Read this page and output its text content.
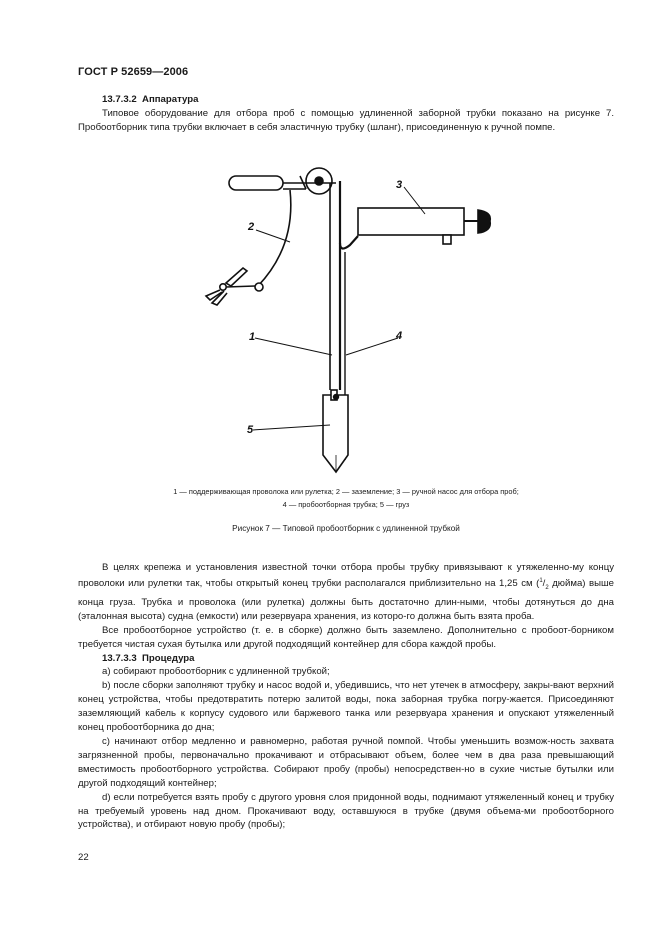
ГОСТ Р 52659—2006

13.7.3.2 Аппаратура

Типовое оборудование для отбора проб с помощью удлиненной заборной трубки показано на рисунке 7. Пробоотборник типа трубки включает в себя эластичную трубку (шланг), присоединенную к ручной помпе.

2
3
1	4
5
1 — поддерживающая проволока или рулетка; 2 — заземление; 3 — ручной насос для отбора проб;
4 — пробоотборная трубка; 5 — груз
Рисунок 7 — Типовой пробоотборник с удлиненной трубкой

В целях крепежа и установления известной точки отбора пробы трубку привязывают к утяжеленно-му концу проволоки или рулетки так, чтобы открытый конец трубки располагался приблизительно на 1,25 см ($^1/_2$ дюйма) выше конца груза. Трубка и проволока (или рулетка) должны быть достаточно длин-ными, чтобы дотянуться до дна (эталонная высота) судна (емкости) или резервуара хранения, из которо-го должна быть взята проба.

Все пробоотборное устройство (т. е. в сборке) должно быть заземлено. Дополнительно с пробоот-борником требуется чистая сухая бутылка или другой подходящий контейнер для сбора каждой пробы.

13.7.3.3 Процедура

а) собирают пробоотборник с удлиненной трубкой;

b) после сборки заполняют трубку и насос водой и, убедившись, что нет утечек в атмосферу, закры-вают верхний конец устройства, чтобы предотвратить потерю залитой воды, пока заборная трубка погру-жается. Присоединяют заземляющий кабель к корпусу судового или баржевого танка или резервуара хранения и опускают утяжеленный конец пробоотборника до дна;

с) начинают отбор медленно и равномерно, работая ручной помпой. Чтобы уменьшить возмож-ность захвата загрязненной пробы, первоначально прокачивают и отбрасывают объем, более чем в два раза превышающий вместимость пробоотборного устройства. Собирают пробу (пробы) непосредствен-но в сухие чистые бутылки или другой подходящий контейнер;

d) если потребуется взять пробу с другого уровня слоя придонной воды, поднимают утяжеленный конец и трубку на требуемый уровень над дном. Прокачивают воду, оставшуюся в трубке (двумя объема-ми пробоотборного устройства), и отбирают новую пробу (пробы);

22
